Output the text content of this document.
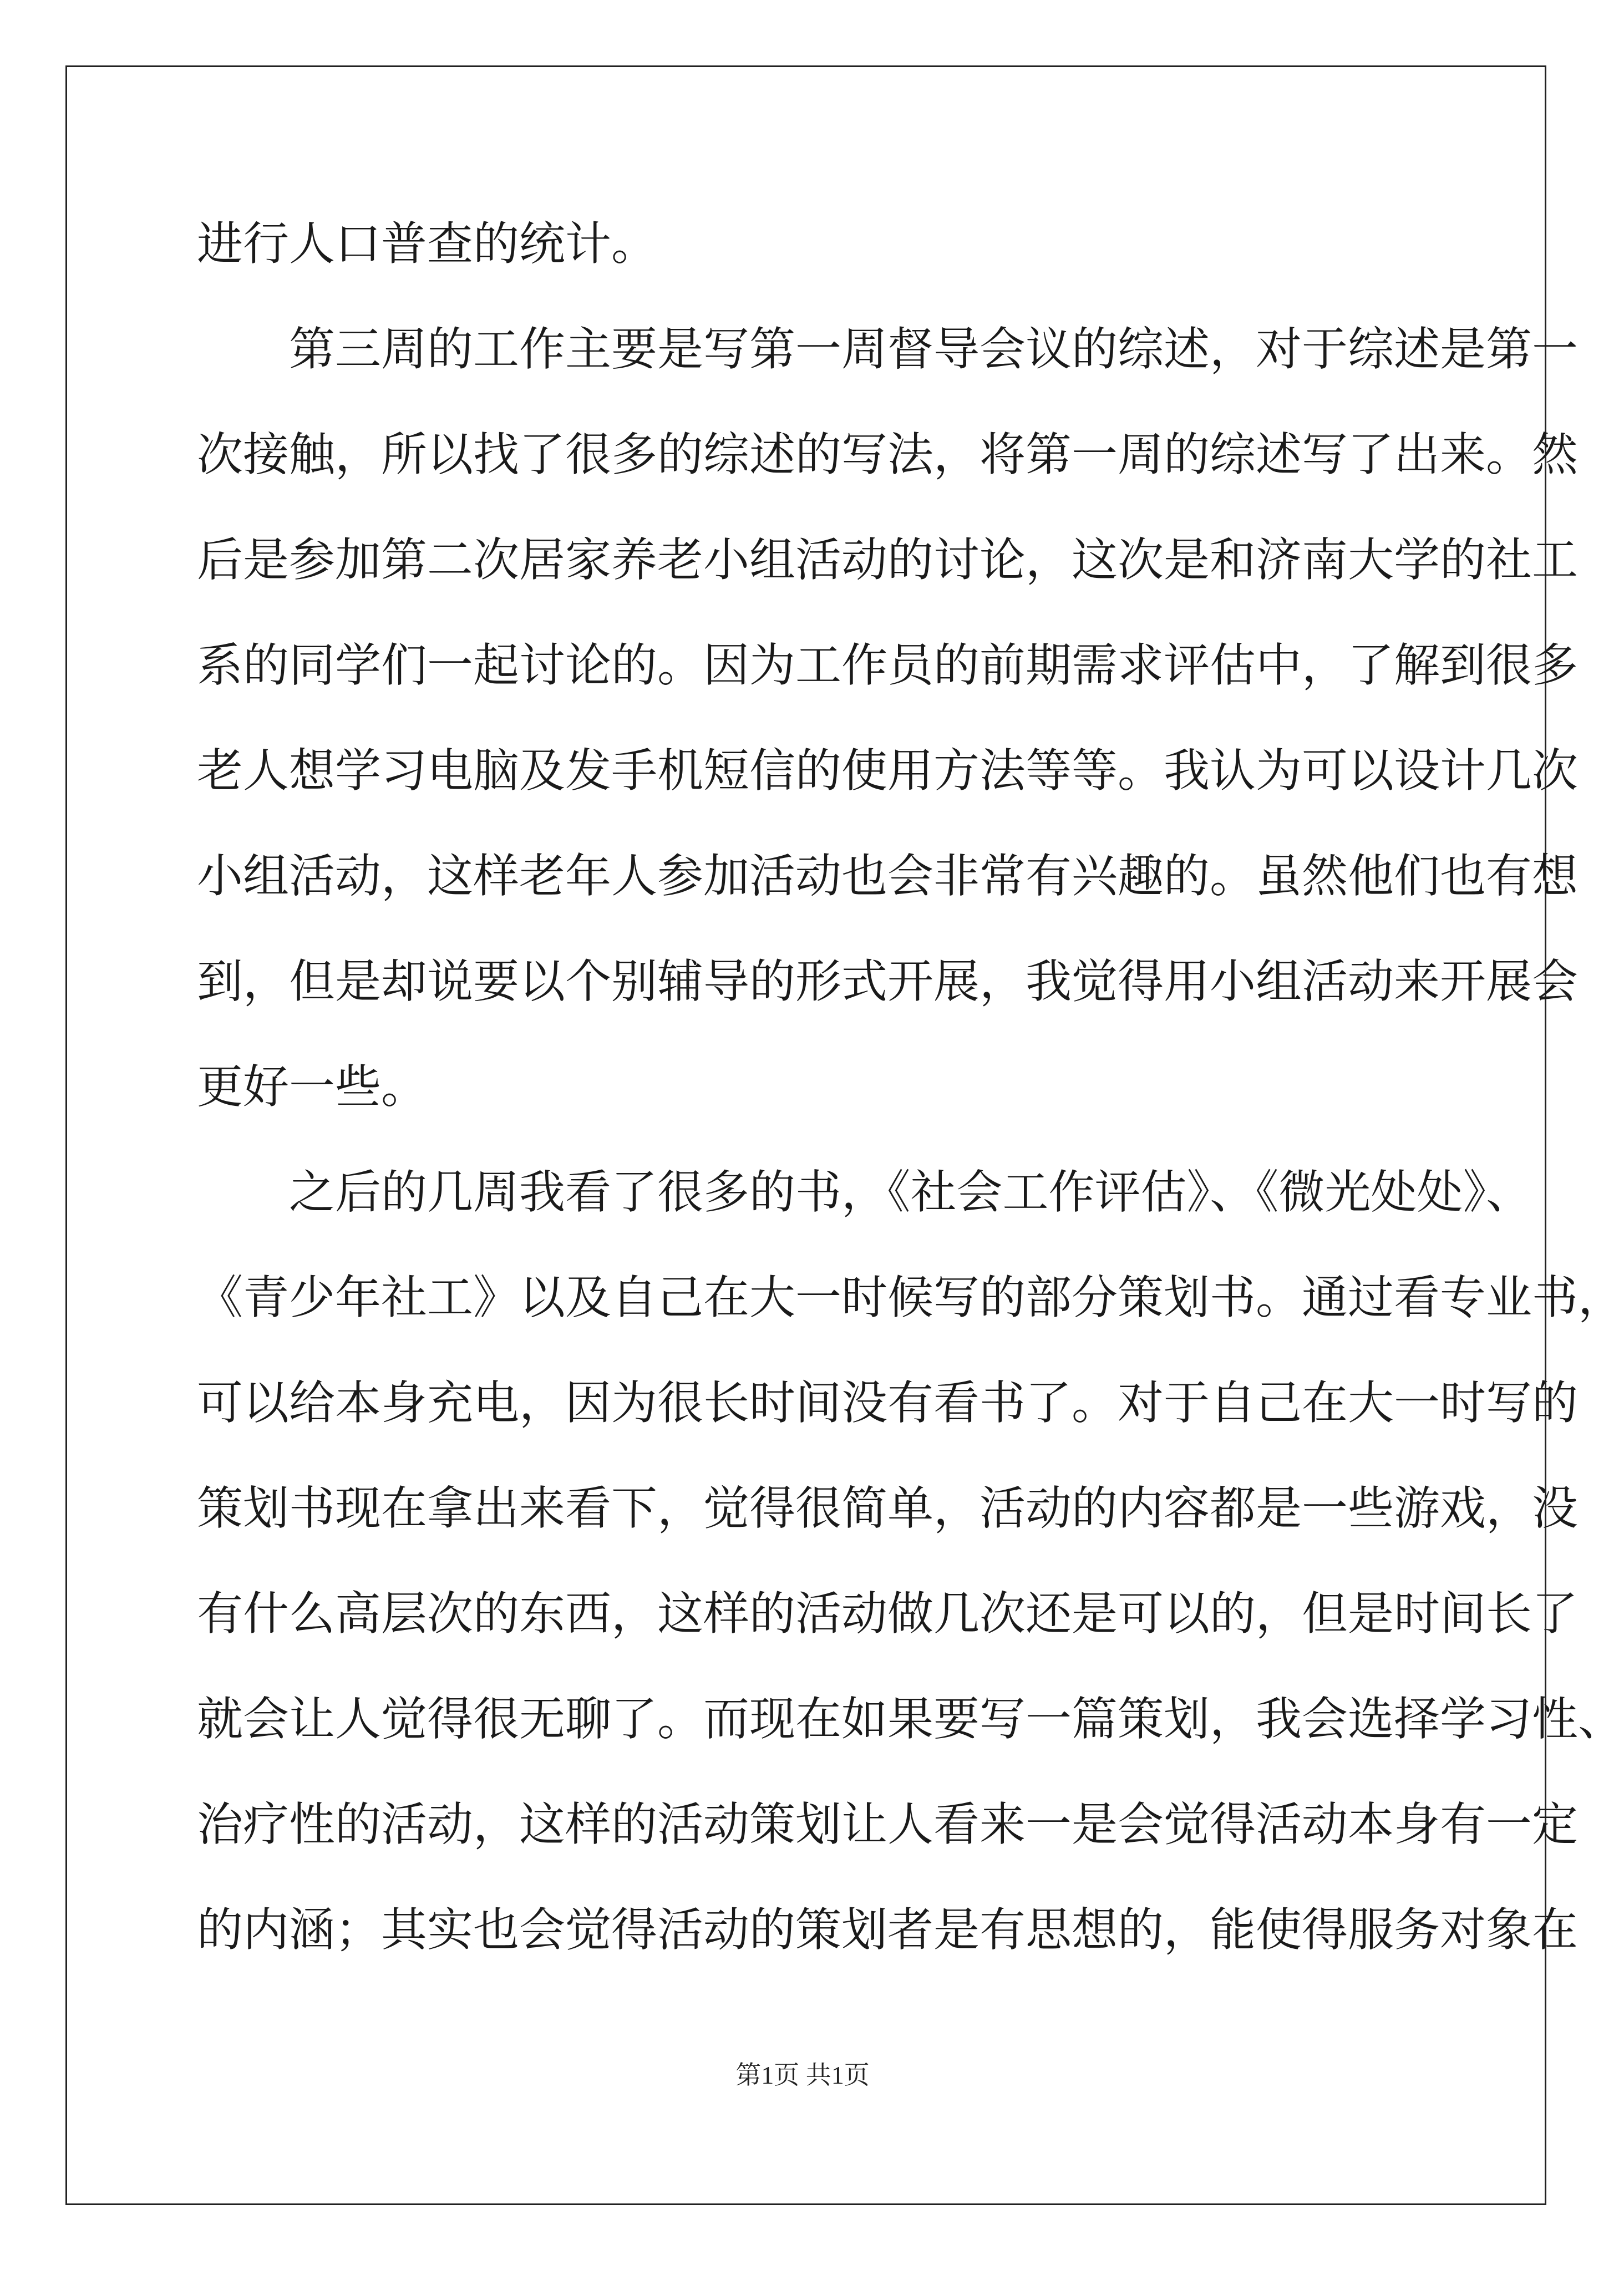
进行人口普查的统计。
第三周的工作主要是写第一周督导会议的综述，对于综述是第一
次接触，所以找了很多的综述的写法，将第一周的综述写了出来。然
后是参加第二次居家养老小组活动的讨论，这次是和济南大学的社工
系的同学们一起讨论的。因为工作员的前期需求评估中，了解到很多
老人想学习电脑及发手机短信的使用方法等等。我认为可以设计几次
小组活动，这样老年人参加活动也会非常有兴趣的。虽然他们也有想
到，但是却说要以个别辅导的形式开展，我觉得用小组活动来开展会
更好一些。
之后的几周我看了很多的书，《社会工作评估》、《微光处处》、
《青少年社工》以及自己在大一时候写的部分策划书。通过看专业书，
可以给本身充电，因为很长时间没有看书了。对于自己在大一时写的
策划书现在拿出来看下，觉得很简单，活动的内容都是一些游戏，没
有什么高层次的东西，这样的活动做几次还是可以的，但是时间长了
就会让人觉得很无聊了。而现在如果要写一篇策划，我会选择学习性、
治疗性的活动，这样的活动策划让人看来一是会觉得活动本身有一定
的内涵；其实也会觉得活动的策划者是有思想的，能使得服务对象在
第1页 共1页
